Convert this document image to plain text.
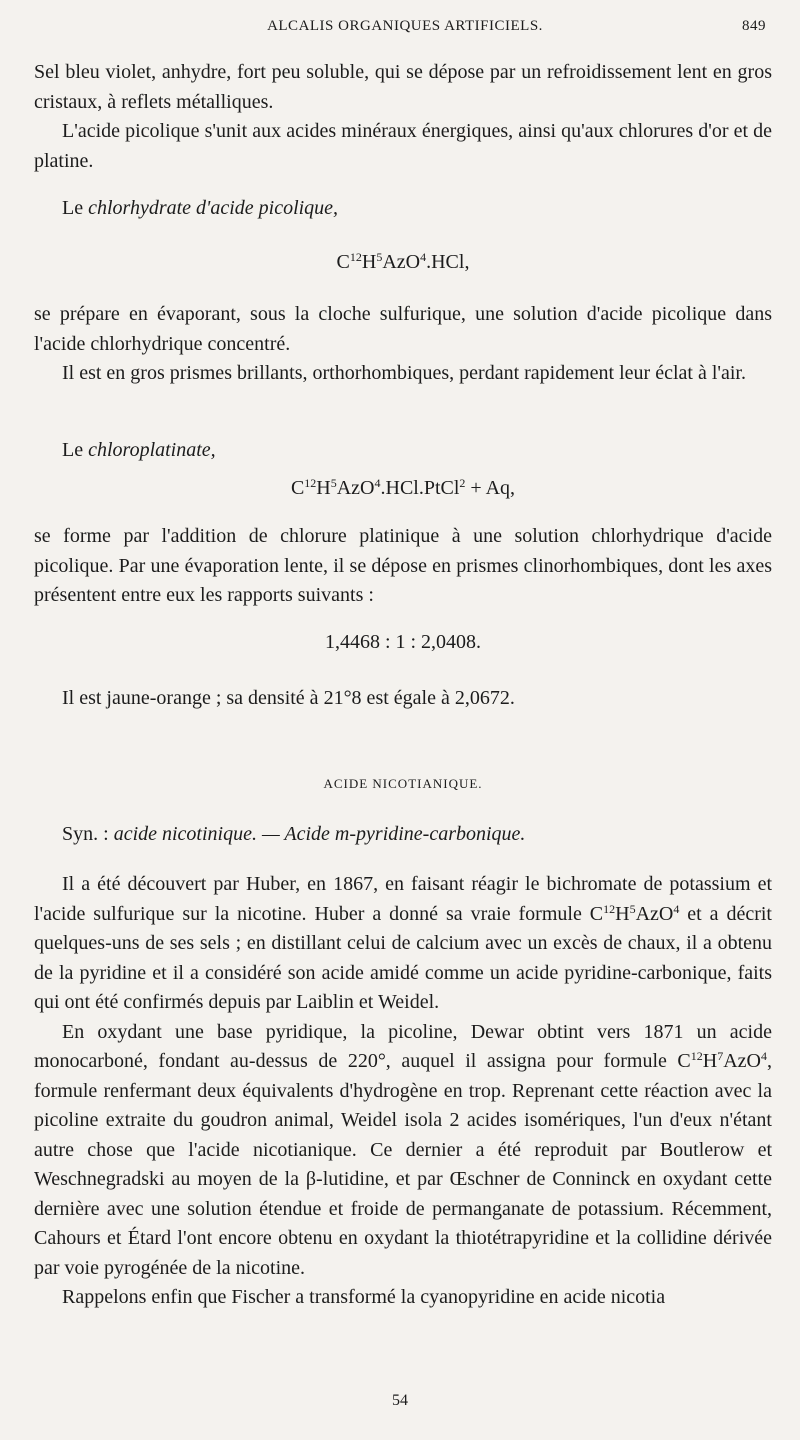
ALCALIS ORGANIQUES ARTIFICIELS.	849

Sel bleu violet, anhydre, fort peu soluble, qui se dépose par un refroidissement lent en gros cristaux, à reflets métalliques.

L'acide picolique s'unit aux acides minéraux énergiques, ainsi qu'aux chlorures d'or et de platine.

Le chlorhydrate d'acide picolique,

$C^{12}H^5AzO^4.HCl$,

se prépare en évaporant, sous la cloche sulfurique, une solution d'acide picolique dans l'acide chlorhydrique concentré.

Il est en gros prismes brillants, orthorhombiques, perdant rapidement leur éclat à l'air.

Le chloroplatinate,

$C^{12}H^5AzO^4.HCl.PtCl^2 + Aq$,

se forme par l'addition de chlorure platinique à une solution chlorhydrique d'acide picolique. Par une évaporation lente, il se dépose en prismes clinorhombiques, dont les axes présentent entre eux les rapports suivants :

1,4468 : 1 : 2,0408.

Il est jaune-orange ; sa densité à 21°8 est égale à 2,0672.

ACIDE NICOTIANIQUE.

Syn. : acide nicotinique. — Acide m-pyridine-carbonique.

Il a été découvert par Huber, en 1867, en faisant réagir le bichromate de potassium et l'acide sulfurique sur la nicotine. Huber a donné sa vraie formule $C^{12}H^5AzO^4$ et a décrit quelques-uns de ses sels ; en distillant celui de calcium avec un excès de chaux, il a obtenu de la pyridine et il a considéré son acide amidé comme un acide pyridine-carbonique, faits qui ont été confirmés depuis par Laiblin et Weidel.

En oxydant une base pyridique, la picoline, Dewar obtint vers 1871 un acide monocarboné, fondant au-dessus de 220°, auquel il assigna pour formule $C^{12}H^7AzO^4$, formule renfermant deux équivalents d'hydrogène en trop. Reprenant cette réaction avec la picoline extraite du goudron animal, Weidel isola 2 acides isomériques, l'un d'eux n'étant autre chose que l'acide nicotianique. Ce dernier a été reproduit par Boutlerow et Weschnegradski au moyen de la β-lutidine, et par Œschner de Conninck en oxydant cette dernière avec une solution étendue et froide de permanganate de potassium. Récemment, Cahours et Étard l'ont encore obtenu en oxydant la thiotétrapyridine et la collidine dérivée par voie pyrogénée de la nicotine.

Rappelons enfin que Fischer a transformé la cyanopyridine en acide nicotia

54
